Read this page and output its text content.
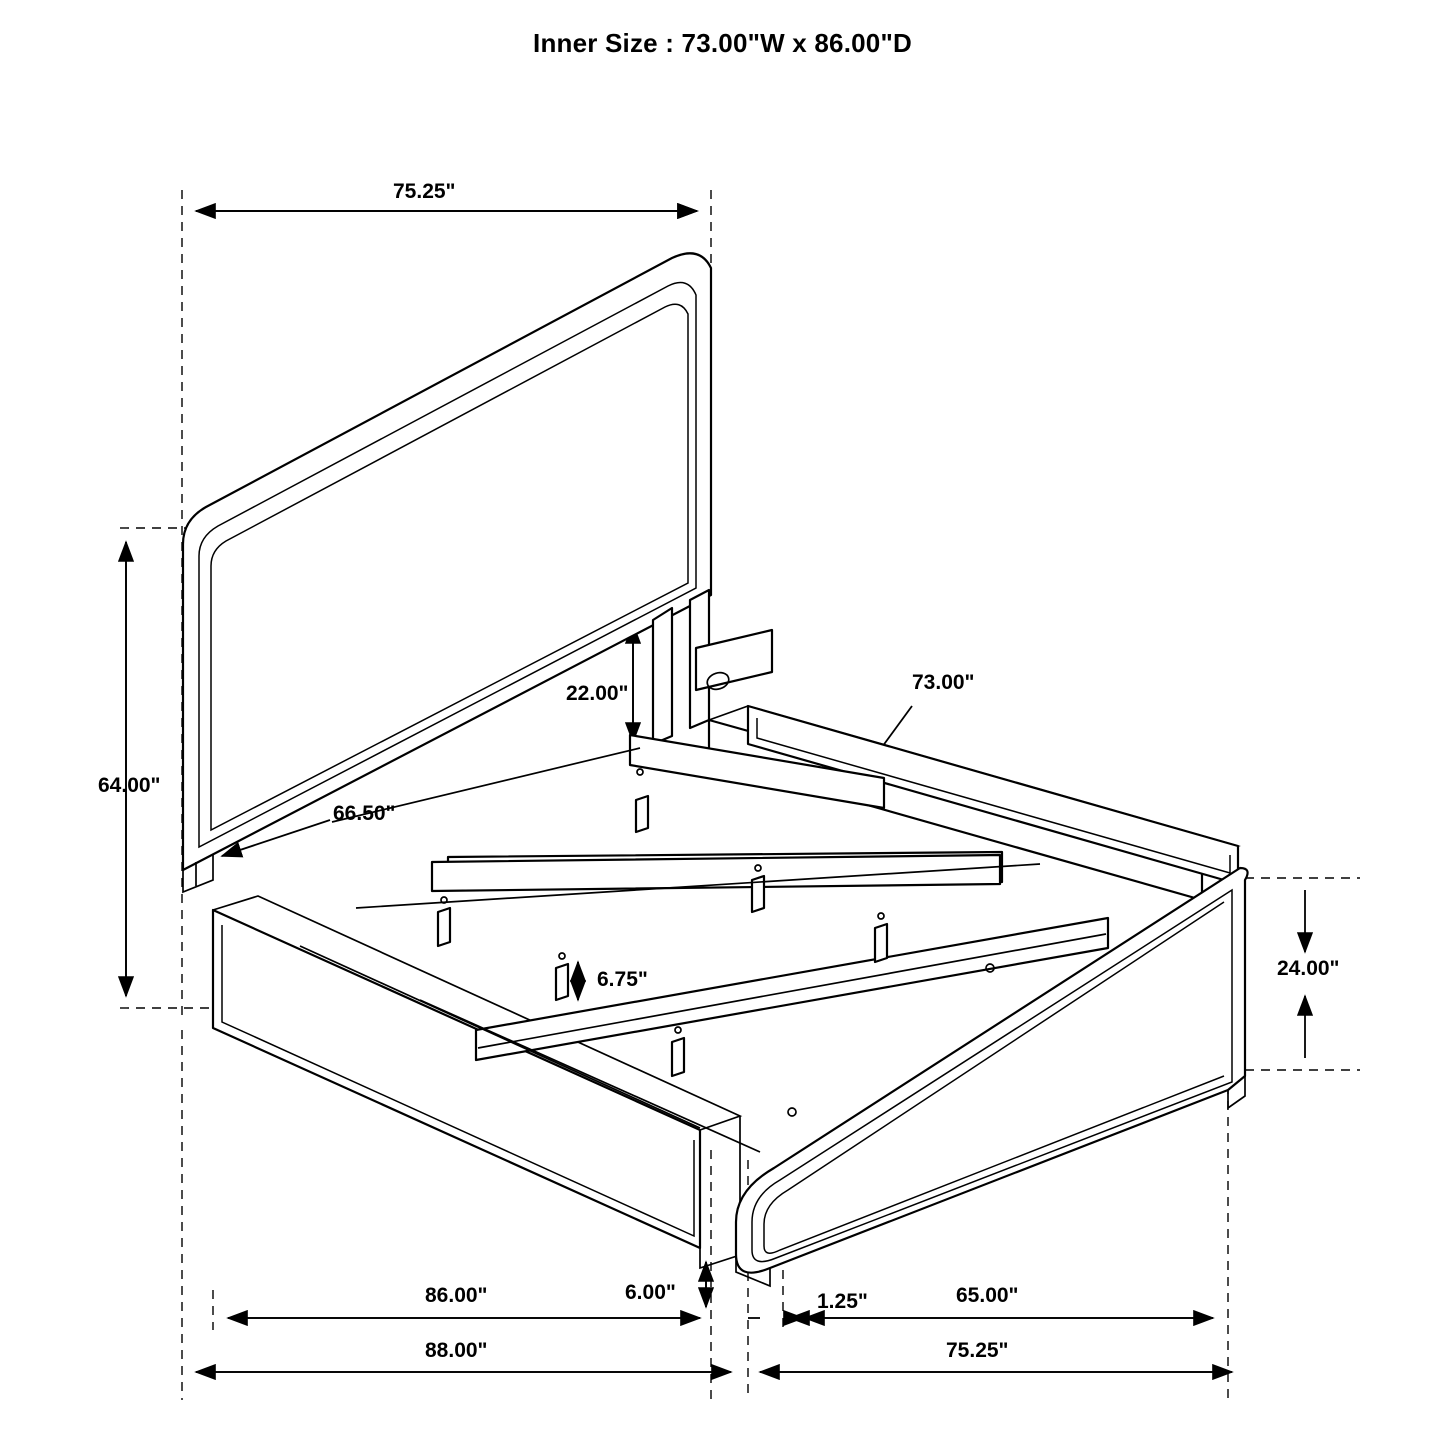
Inner Size : 73.00"W x 86.00"D
75.25"
64.00"
22.00"
66.50"
73.00"
6.75"	24.00"
6.00"	1.25"
86.00"	65.00"
88.00"	75.25"
